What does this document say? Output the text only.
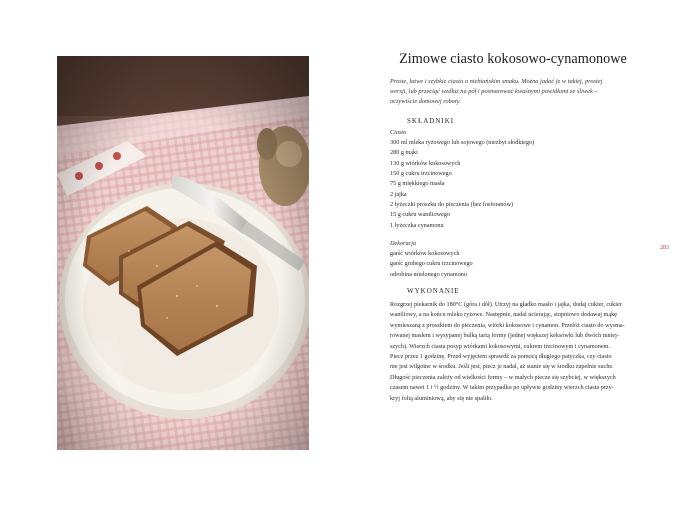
Zimowe ciasto kokosowo-cynamonowe
Proste, łatwe i szybkie ciasto o niebiańskim smaku. Można jadać je w takiej, prostej
wersji, lub przeciąć wzdłuż na pół i posmarować kwaśnymi powidłami ze śliwek –
oczywiście domowej roboty.
SKŁADNIKI
Ciasto
300 ml mleka ryżowego lub sojowego (niezbyt słodkiego)
280 g mąki
130 g wiórków kokosowych
150 g cukru trzcinowego
75 g miękkiego masła
2 jajka
2 łyżeczki proszku do pieczenia (bez fosforanów)
15 g cukru waniliowego
1 łyżeczka cynamonu
Dekoracja
garść wiórków kokosowych
garść grubego cukru trzcinowego
odrobina mielonego cynamonu
WYKONANIE
Rozgrzej piekarnik do 180°C (góra i dół). Utrzyj na gładko masło i jajka, dodaj cukier, cukier
waniliowy, a na końcu mleko ryżowe. Następnie, nadal ucierając, stopniowo dodawaj mąkę
wymieszaną z proszkiem do pieczenia, wiórki kokosowe i cynamon. Przełóż ciasto do wysma-
rowanej masłem i wysypanej bułką tartą formy (jednej większej keksówki lub dwóch mniej-
szych). Wierzch ciasta posyp wiórkami kokosowymi, cukrem trzcinowym i cynamonem.
Piecz przez 1 godzinę. Przed wyjęciem sprawdź za pomocą długiego patyczka, czy ciasto
nie jest wilgotne w środku. Jeśli jest, piecz je nadal, aż stanie się w środku zupełnie suche.
Długość pieczenia zależy od wielkości formy – w małych piecze się szybciej, w większych
czasem nawet 1 i ½ godziny. W takim przypadku po upływie godziny wierzch ciasta przy-
kryj folią aluminiową, aby się nie spaliło.
283
